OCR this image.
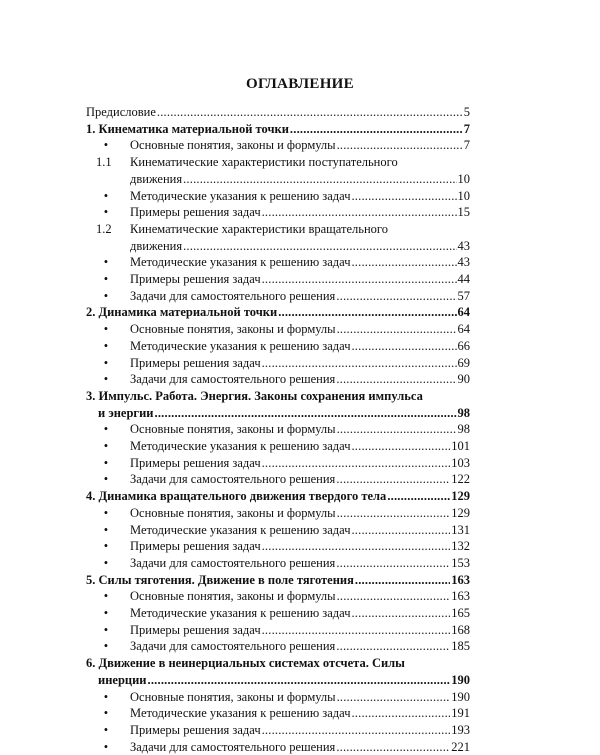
ОГЛАВЛЕНИЕ
Предисловие .....	5
1. Кинематика материальной точки .....	7
• Основные понятия, законы и формулы .....	7
1.1	Кинематические характеристики поступательного
движения .....	10
• Методические указания к решению задач .....	10
• Примеры решения задач .....	15
1.2	Кинематические характеристики вращательного
движения .....	43
• Методические указания к решению задач .....	43
• Примеры решения задач .....	44
• Задачи для самостоятельного решения .....	57
2. Динамика материальной точки .....	64
• Основные понятия, законы и формулы .....	64
• Методические указания к решению задач .....	66
• Примеры решения задач .....	69
• Задачи для самостоятельного решения .....	90
3. Импульс. Работа. Энергия. Законы сохранения импульса
и энергии .....	98
• Основные понятия, законы и формулы .....	98
• Методические указания к решению задач .....	101
• Примеры решения задач .....	103
• Задачи для самостоятельного решения .....	122
4. Динамика вращательного движения твердого тела .....	129
• Основные понятия, законы и формулы .....	129
• Методические указания к решению задач .....	131
• Примеры решения задач .....	132
• Задачи для самостоятельного решения .....	153
5. Силы тяготения. Движение в поле тяготения .....	163
• Основные понятия, законы и формулы .....	163
• Методические указания к решению задач .....	165
• Примеры решения задач .....	168
• Задачи для самостоятельного решения .....	185
6. Движение в неинерциальных системах отсчета. Силы
инерции .....	190
• Основные понятия, законы и формулы .....	190
• Методические указания к решению задач .....	191
• Примеры решения задач .....	193
• Задачи для самостоятельного решения .....	221
